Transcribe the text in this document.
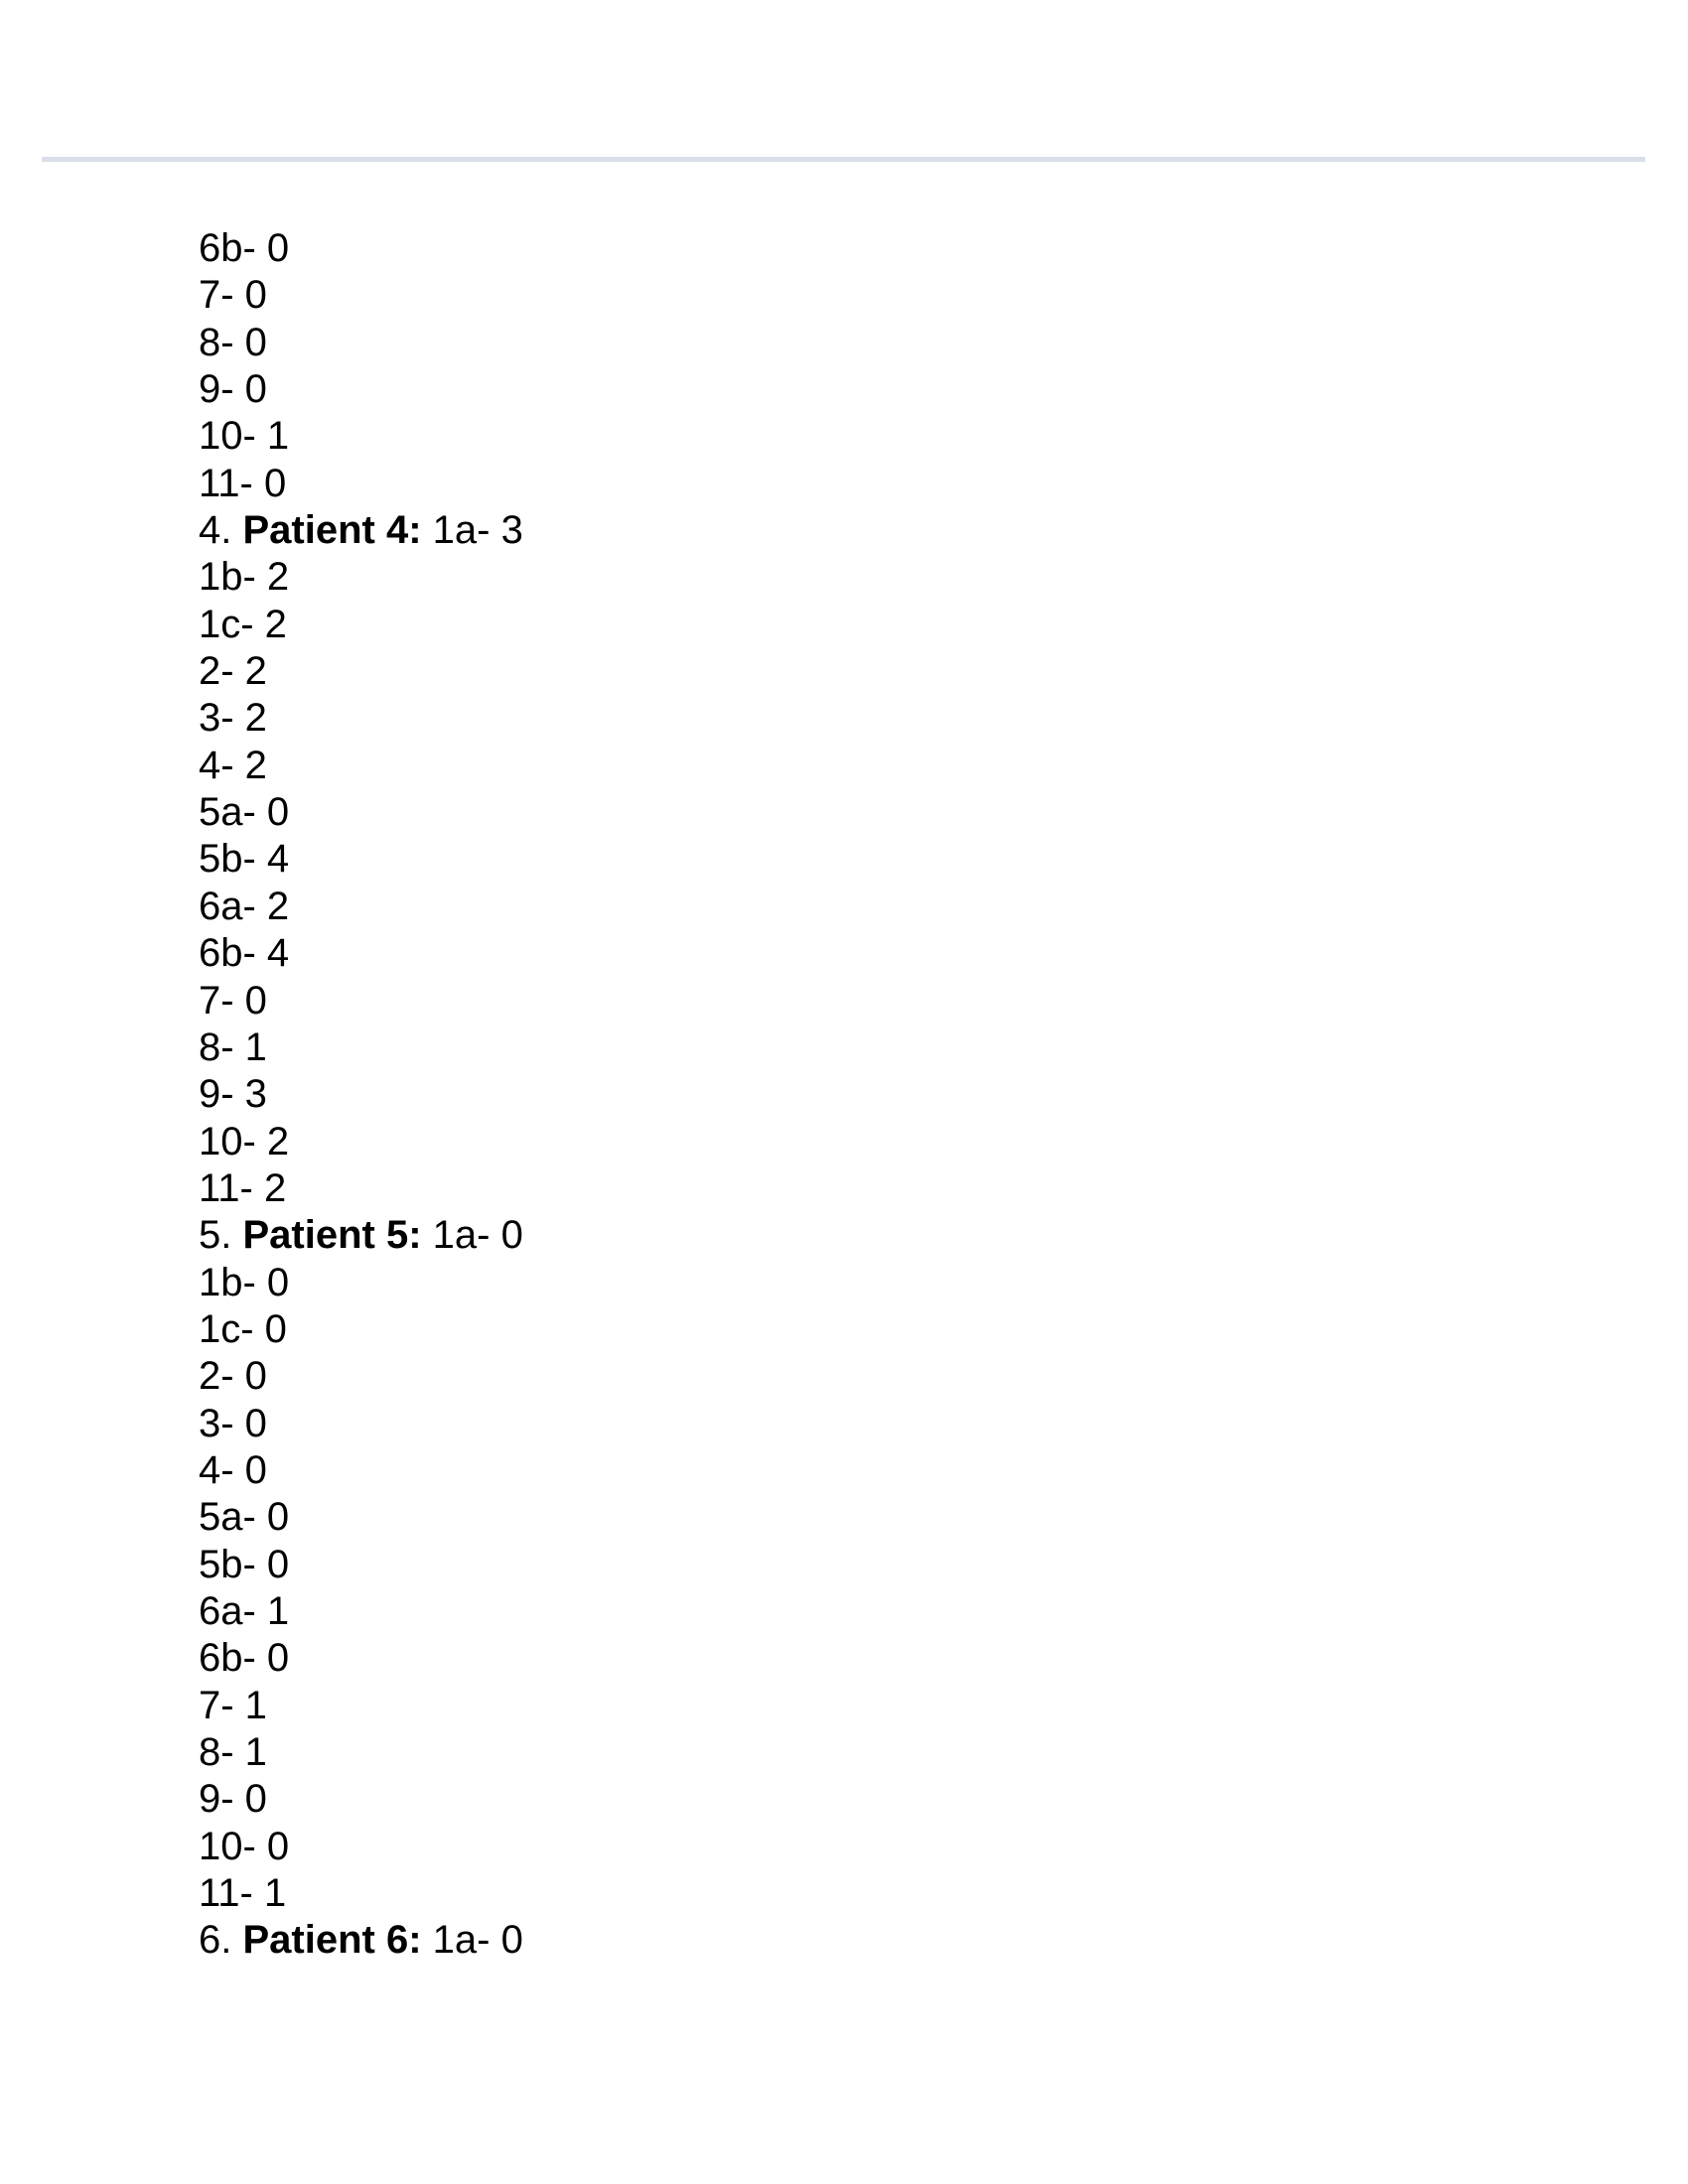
6b- 0
7- 0
8- 0
9- 0
10- 1
11- 0
4. Patient 4: 1a- 3
1b- 2
1c- 2
2- 2
3- 2
4- 2
5a- 0
5b- 4
6a- 2
6b- 4
7- 0
8- 1
9- 3
10- 2
11- 2
5. Patient 5: 1a- 0
1b- 0
1c- 0
2- 0
3- 0
4- 0
5a- 0
5b- 0
6a- 1
6b- 0
7- 1
8- 1
9- 0
10- 0
11- 1
6. Patient 6: 1a- 0
